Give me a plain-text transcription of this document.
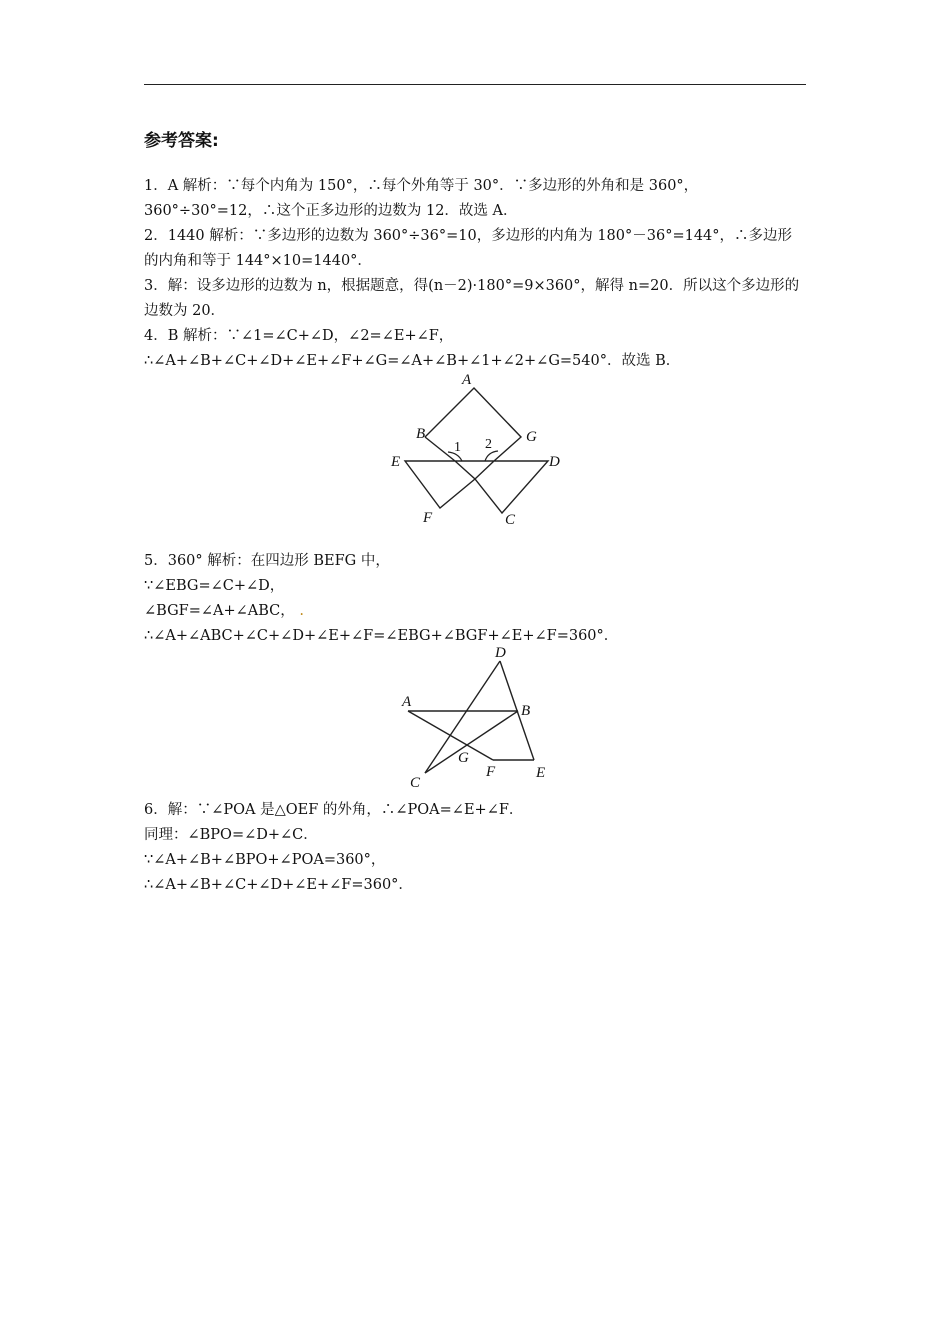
参考答案:
1．A 解析：∵每个内角为 150°，∴每个外角等于 30°．∵多边形的外角和是 360°，
360°÷30°=12，∴这个正多边形的边数为 12．故选 A．
2．1440 解析：∵多边形的边数为 360°÷36°=10，多边形的内角为 180°－36°=144°，∴多边形
的内角和等于 144°×10=1440°．
3．解：设多边形的边数为 n，根据题意，得(n－2)·180°=9×360°，解得 n=20．所以这个多边形的
边数为 20．
4．B 解析：∵∠1=∠C+∠D，∠2=∠E+∠F，
∴∠A+∠B+∠C+∠D+∠E+∠F+∠G=∠A+∠B+∠1+∠2+∠G=540°．故选 B．
A
B	G
E	D
F	C
1 2
5．360° 解析：在四边形 BEFG 中，
∵∠EBG=∠C+∠D，
∠BGF=∠A+∠ABC， .
∴∠A+∠ABC+∠C+∠D+∠E+∠F=∠EBG+∠BGF+∠E+∠F=360°．
D
A
B
G
F	E
C
6．解：∵∠POA 是△OEF 的外角，∴∠POA=∠E+∠F．
同理：∠BPO=∠D+∠C．
∵∠A+∠B+∠BPO+∠POA=360°，
∴∠A+∠B+∠C+∠D+∠E+∠F=360°．
